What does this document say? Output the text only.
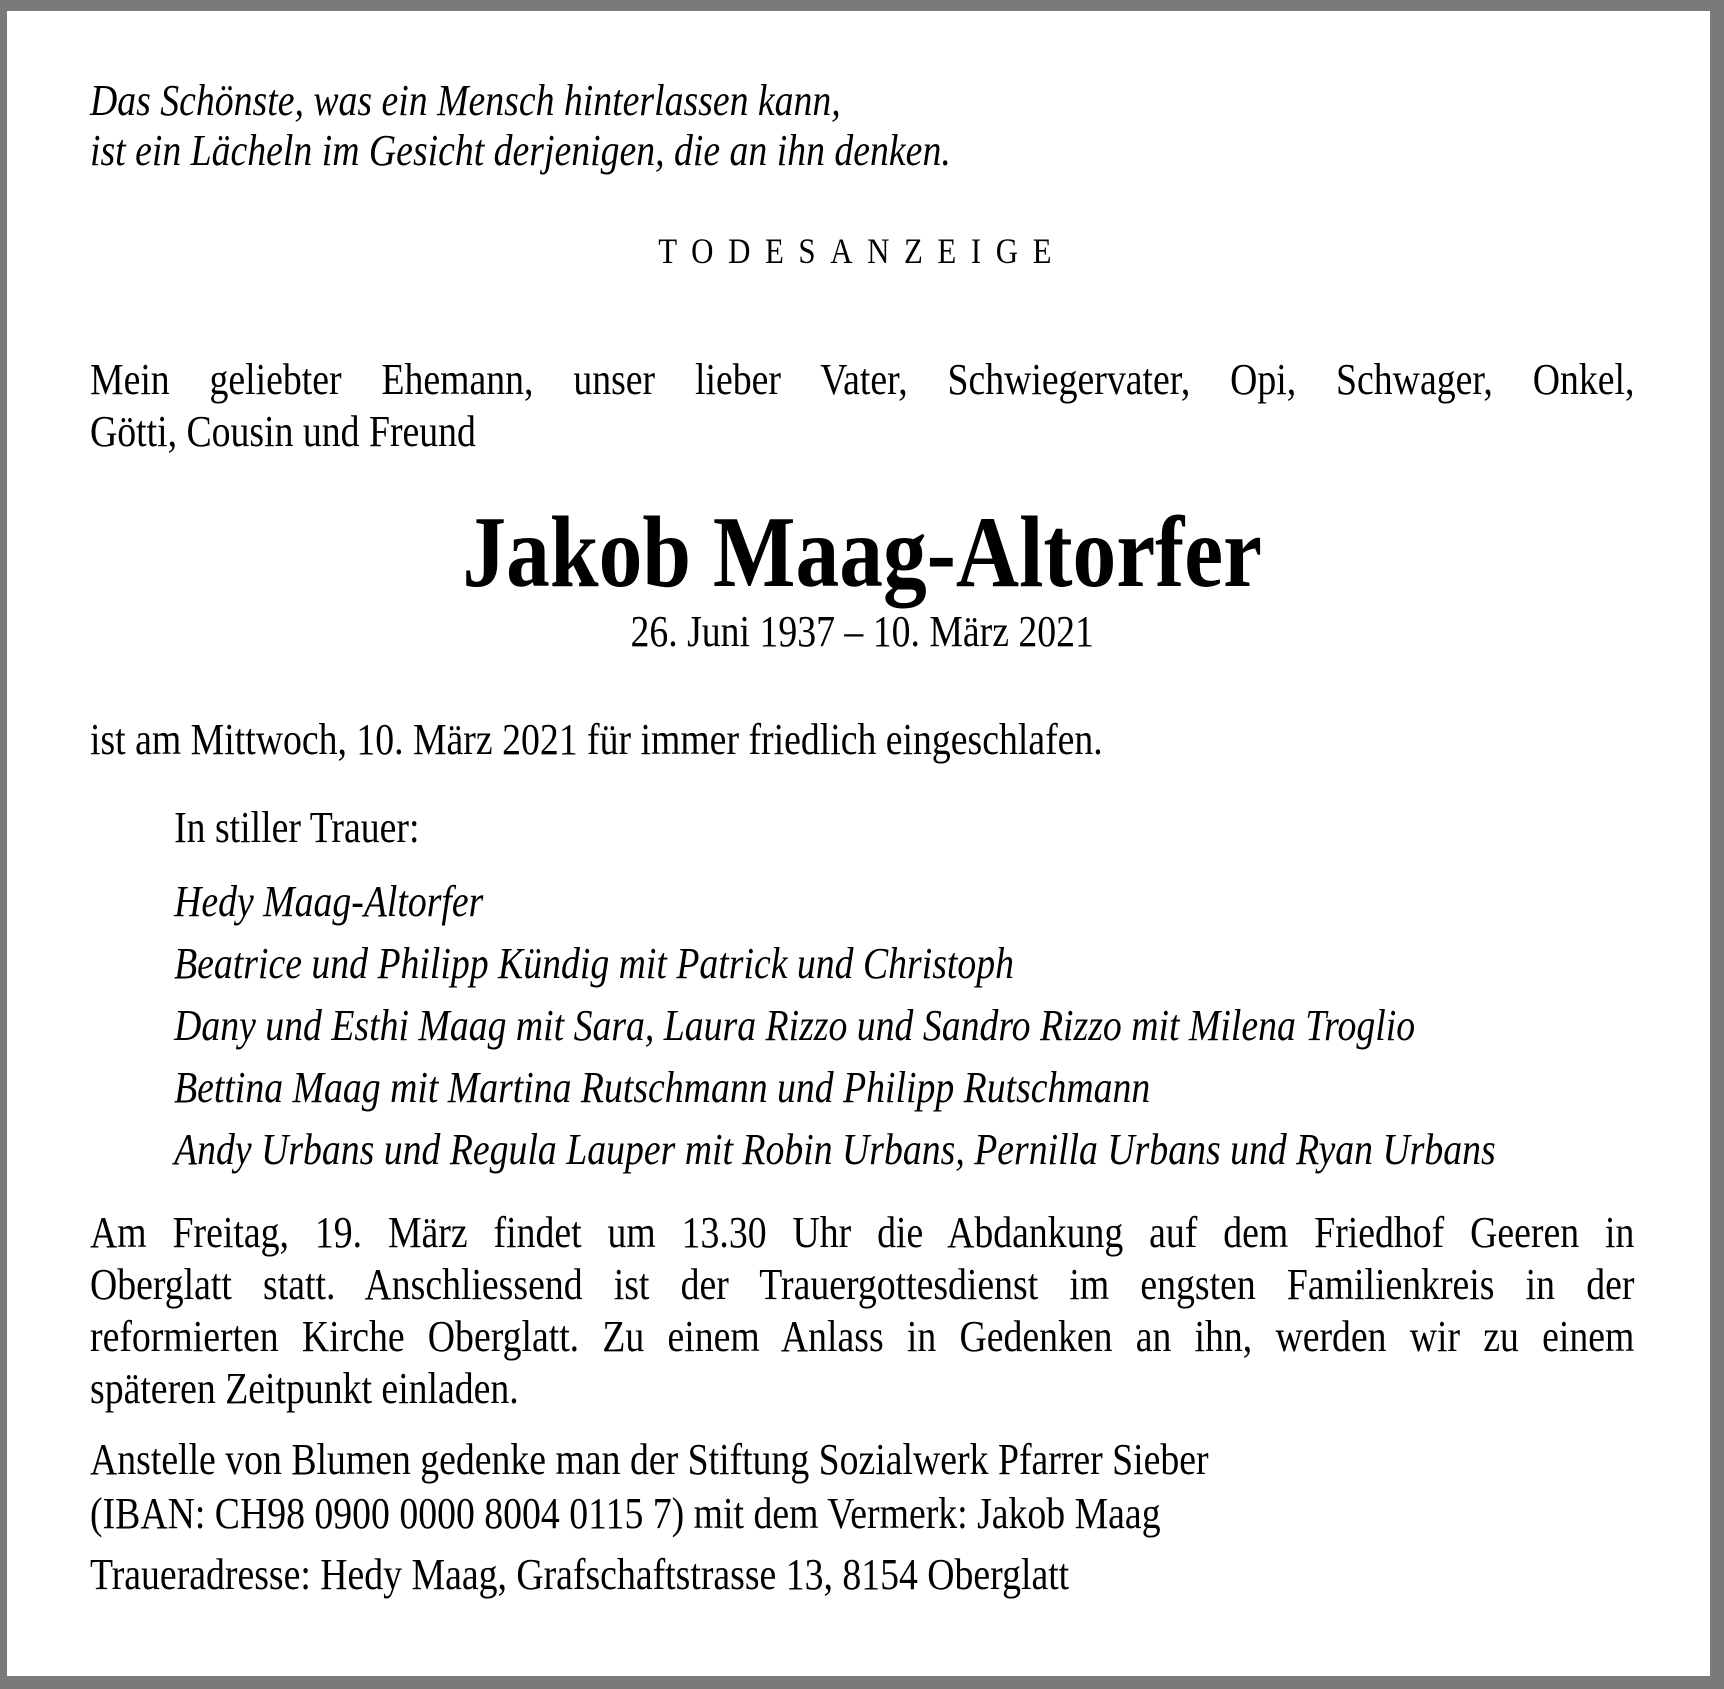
Das Schönste, was ein Mensch hinterlassen kann,
ist ein Lächeln im Gesicht derjenigen, die an ihn denken.
TODESANZEIGE
Mein geliebter Ehemann, unser lieber Vater, Schwiegervater, Opi, Schwager, Onkel,
Götti, Cousin und Freund
Jakob Maag-Altorfer
26. Juni 1937 – 10. März 2021
ist am Mittwoch, 10. März 2021 für immer friedlich eingeschlafen.
In stiller Trauer:
Hedy Maag-Altorfer
Beatrice und Philipp Kündig mit Patrick und Christoph
Dany und Esthi Maag mit Sara, Laura Rizzo und Sandro Rizzo mit Milena Troglio
Bettina Maag mit Martina Rutschmann und Philipp Rutschmann
Andy Urbans und Regula Lauper mit Robin Urbans, Pernilla Urbans und Ryan Urbans
Am Freitag, 19. März findet um 13.30 Uhr die Abdankung auf dem Friedhof Geeren in
Oberglatt statt. Anschliessend ist der Trauergottesdienst im engsten Familienkreis in der
reformierten Kirche Oberglatt. Zu einem Anlass in Gedenken an ihn, werden wir zu einem
späteren Zeitpunkt einladen.
Anstelle von Blumen gedenke man der Stiftung Sozialwerk Pfarrer Sieber
(IBAN: CH98 0900 0000 8004 0115 7) mit dem Vermerk: Jakob Maag
Traueradresse: Hedy Maag, Grafschaftstrasse 13, 8154 Oberglatt
